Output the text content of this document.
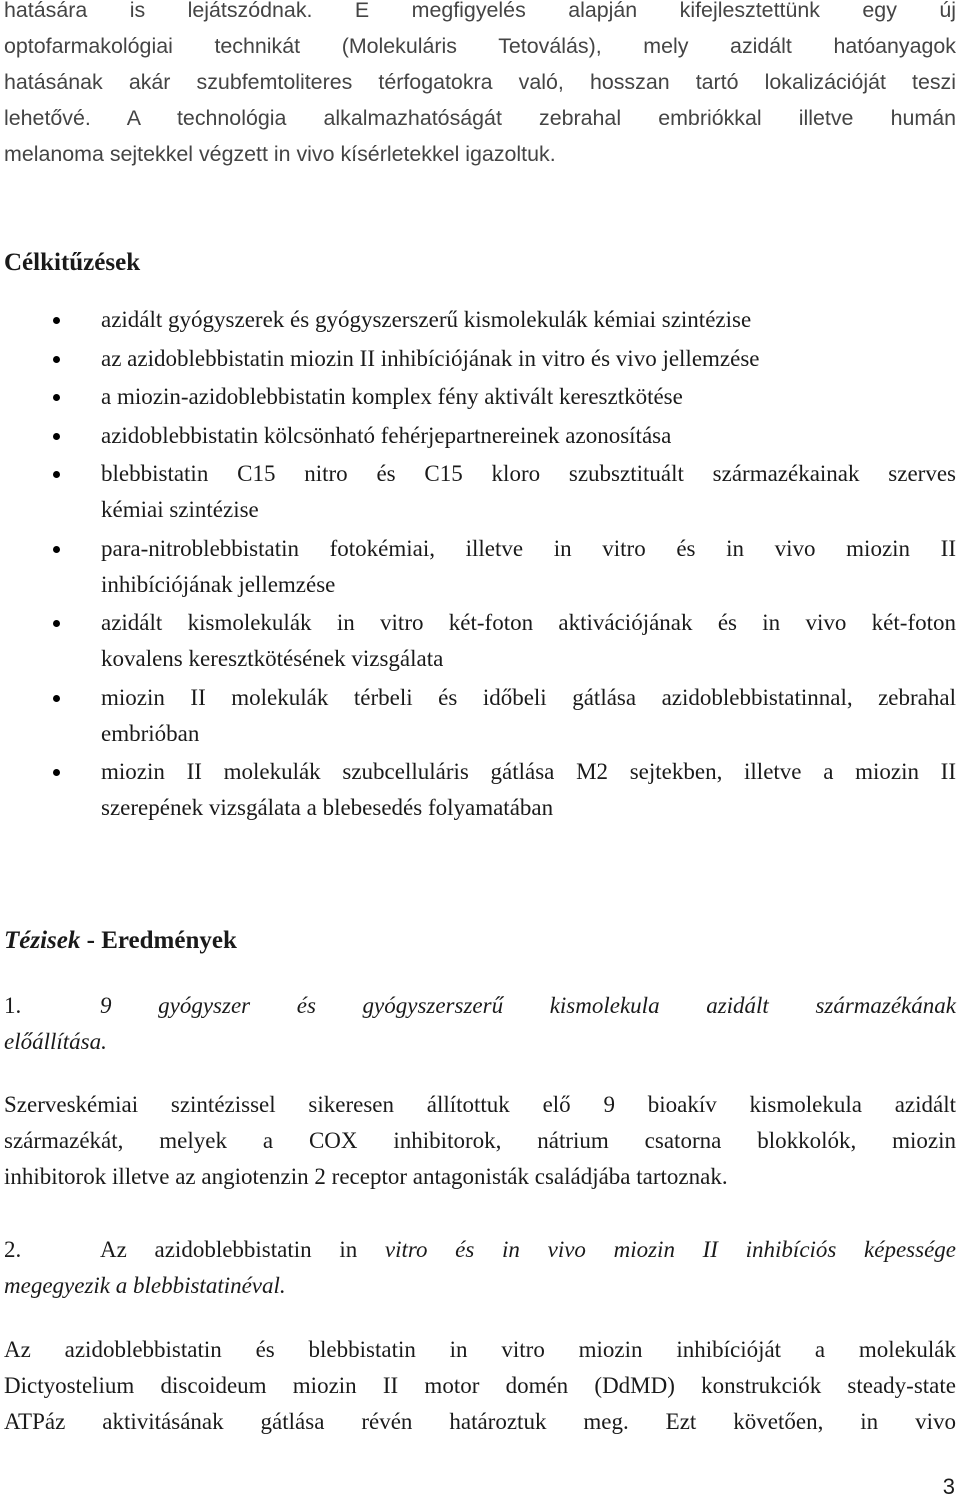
hatására is lejátszódnak. E megfigyelés alapján kifejlesztettünk egy új
optofarmakológiai technikát (Molekuláris Tetoválás), mely azidált hatóanyagok
hatásának akár szubfemtoliteres térfogatokra való, hosszan tartó lokalizációját teszi
lehetővé. A technológia alkalmazhatóságát zebrahal embriókkal illetve humán
melanoma sejtekkel végzett in vivo kísérletekkel igazoltuk.
Célkitűzések
azidált gyógyszerek és gyógyszerszerű kismolekulák kémiai szintézise
az azidoblebbistatin miozin II inhibíciójának in vitro és vivo jellemzése
a miozin-azidoblebbistatin komplex fény aktivált keresztkötése
azidoblebbistatin kölcsönható fehérjepartnereinek azonosítása
blebbistatin C15 nitro és C15 kloro szubsztituált származékainak szerves
kémiai szintézise
para-nitroblebbistatin fotokémiai, illetve in vitro és in vivo miozin II
inhibíciójának jellemzése
azidált kismolekulák in vitro két-foton aktivációjának és in vivo két-foton
kovalens keresztkötésének vizsgálata
miozin II molekulák térbeli és időbeli gátlása azidoblebbistatinnal, zebrahal
embrióban
miozin II molekulák szubcelluláris gátlása M2 sejtekben, illetve a miozin II
szerepének vizsgálata a blebesedés folyamatában
Tézisek - Eredmények
1.	9 gyógyszer és gyógyszerszerű kismolekula azidált származékának
előállítása.
Szerveskémiai szintézissel sikeresen állítottuk elő 9 bioakív kismolekula azidált
származékát, melyek a COX inhibitorok, nátrium csatorna blokkolók, miozin
inhibitorok illetve az angiotenzin 2 receptor antagonisták családjába tartoznak.
2.	Az azidoblebbistatin in vitro és in vivo miozin II inhibíciós képessége
megegyezik a blebbistatinéval.
Az azidoblebbistatin és blebbistatin in vitro miozin inhibícióját a molekulák
Dictyostelium discoideum miozin II motor domén (DdMD) konstrukciók steady-state
ATPáz aktivitásának gátlása révén határoztuk meg. Ezt követően, in vivo
3
